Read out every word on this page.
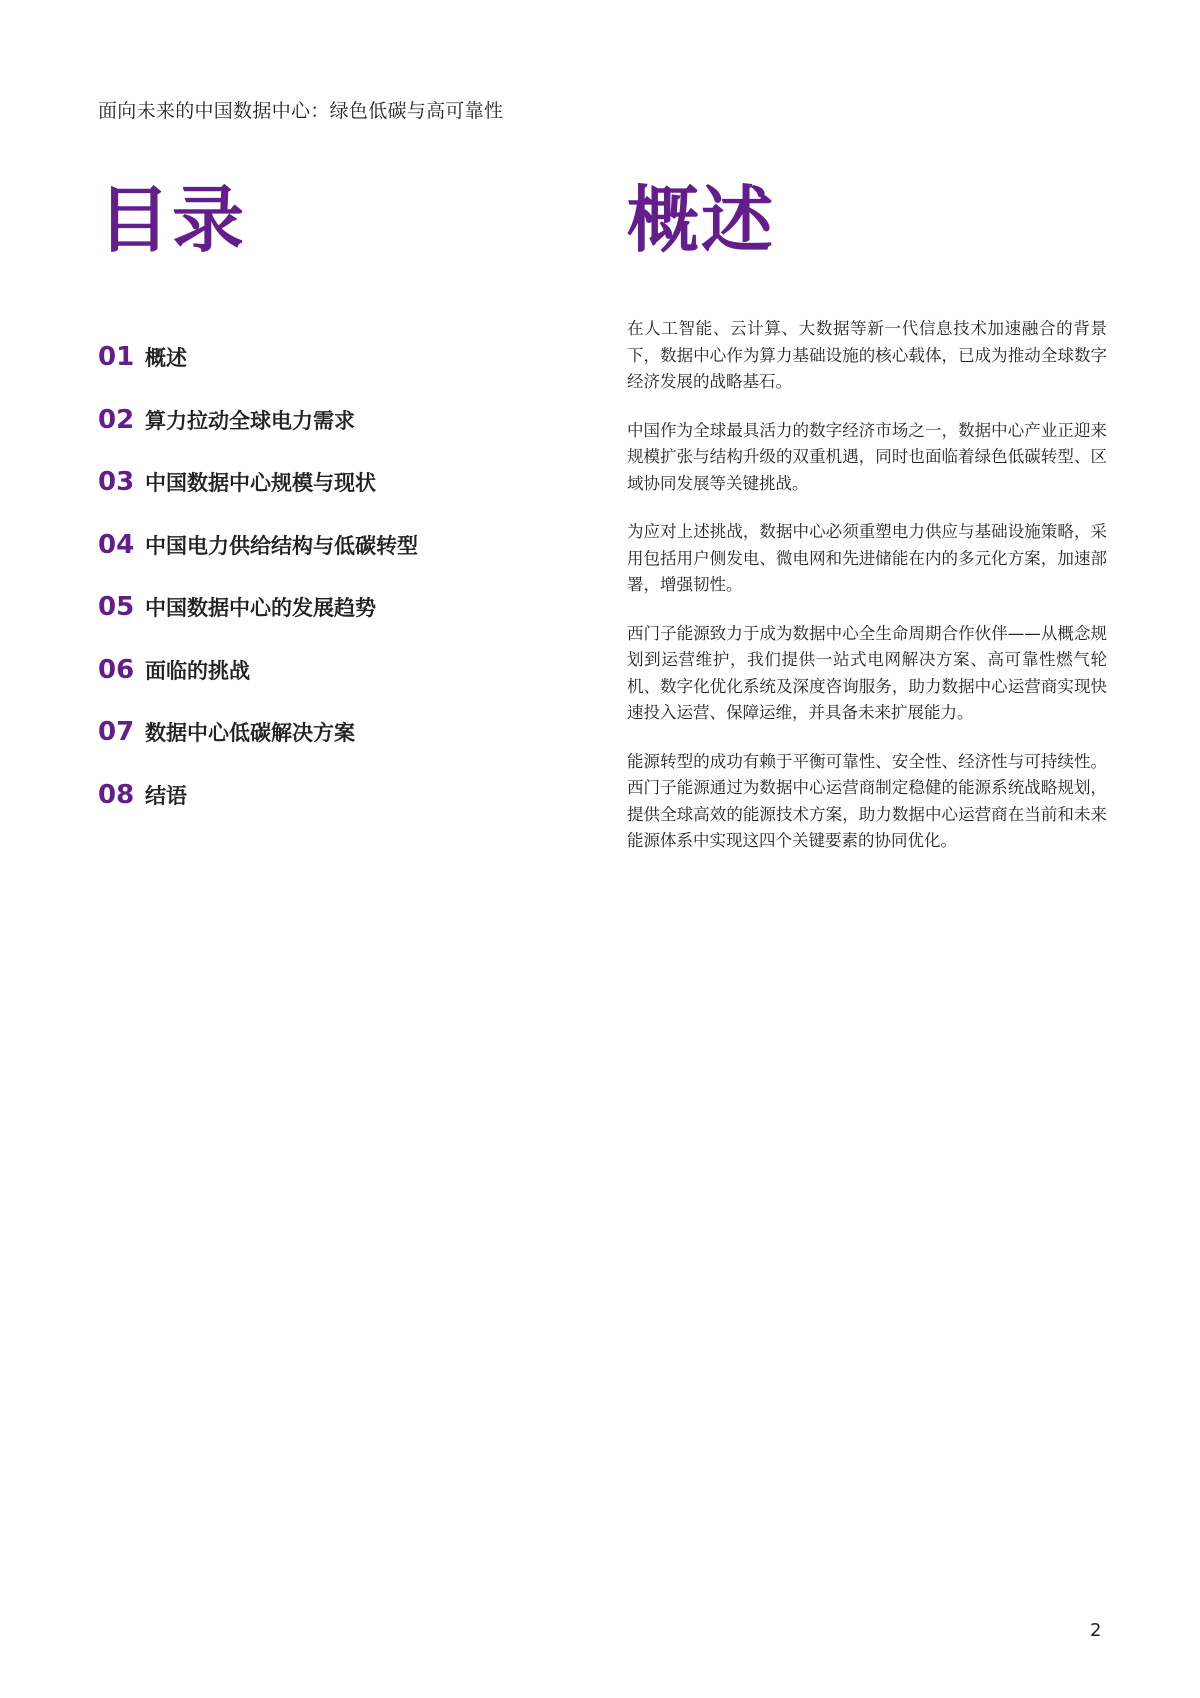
面向未来的中国数据中心：绿色低碳与高可靠性
目录
01 概述
02 算力拉动全球电力需求
03 中国数据中心规模与现状
04 中国电力供给结构与低碳转型
05 中国数据中心的发展趋势
06 面临的挑战
07 数据中心低碳解决方案
08 结语
概述

在人工智能、云计算、大数据等新一代信息技术加速融合的背景下，数据中心作为算力基础设施的核心载体，已成为推动全球数字经济发展的战略基石。

中国作为全球最具活力的数字经济市场之一，数据中心产业正迎来规模扩张与结构升级的双重机遇，同时也面临着绿色低碳转型、区域协同发展等关键挑战。

为应对上述挑战，数据中心必须重塑电力供应与基础设施策略，采用包括用户侧发电、微电网和先进储能在内的多元化方案，加速部署，增强韧性。

西门子能源致力于成为数据中心全生命周期合作伙伴——从概念规划到运营维护，我们提供一站式电网解决方案、高可靠性燃气轮机、数字化优化系统及深度咨询服务，助力数据中心运营商实现快速投入运营、保障运维，并具备未来扩展能力。

能源转型的成功有赖于平衡可靠性、安全性、经济性与可持续性。西门子能源通过为数据中心运营商制定稳健的能源系统战略规划，提供全球高效的能源技术方案，助力数据中心运营商在当前和未来能源体系中实现这四个关键要素的协同优化。

2
